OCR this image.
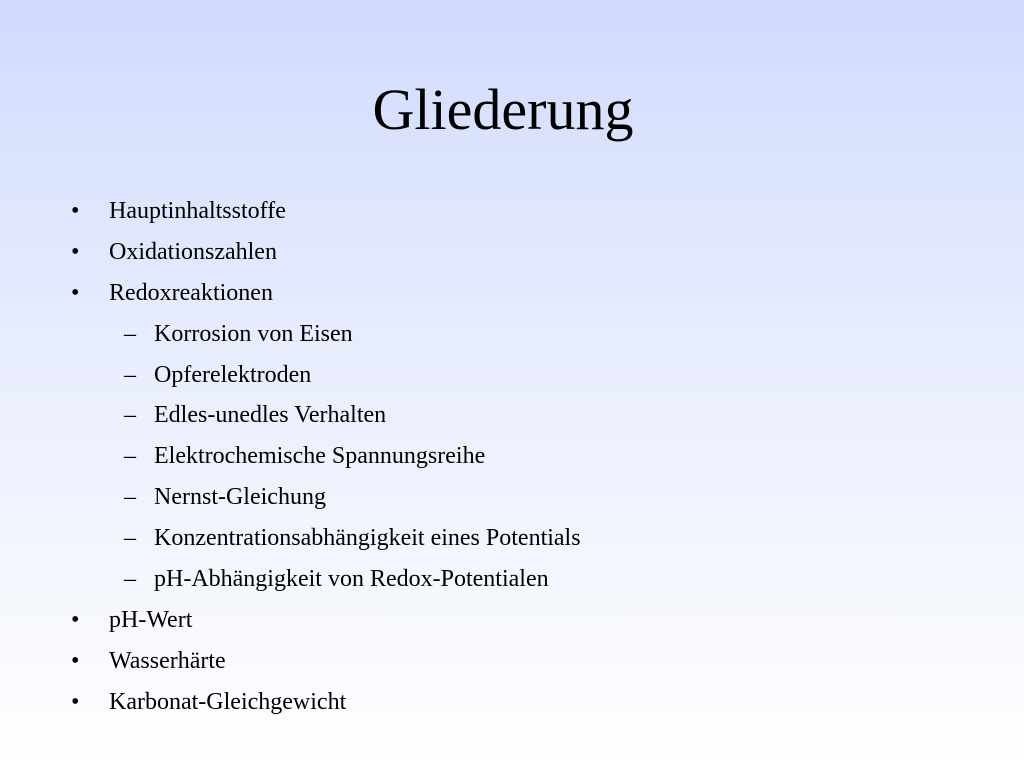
Gliederung
• Hauptinhaltsstoffe
• Oxidationszahlen
• Redoxreaktionen
– Korrosion von Eisen
– Opferelektroden
– Edles-unedles Verhalten
– Elektrochemische Spannungsreihe
– Nernst-Gleichung
– Konzentrationsabhängigkeit eines Potentials
– pH-Abhängigkeit von Redox-Potentialen
• pH-Wert
• Wasserhärte
• Karbonat-Gleichgewicht
